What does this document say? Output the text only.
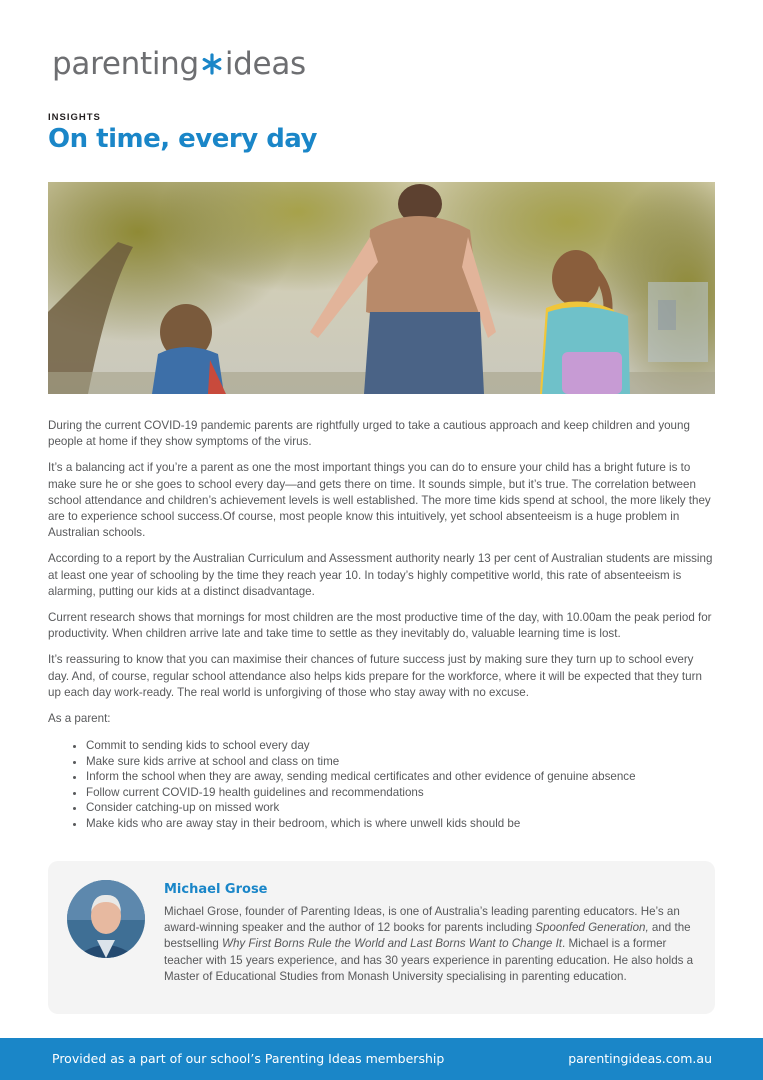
parenting ideas
INSIGHTS
On time, every day

During the current COVID-19 pandemic parents are rightfully urged to take a cautious approach and keep children and young people at home if they show symptoms of the virus.

It’s a balancing act if you’re a parent as one the most important things you can do to ensure your child has a bright future is to make sure he or she goes to school every day—and gets there on time. It sounds simple, but it’s true. The correlation between school attendance and children’s achievement levels is well established. The more time kids spend at school, the more likely they are to experience school success.Of course, most people know this intuitively, yet school absenteeism is a huge problem in Australian schools.

According to a report by the Australian Curriculum and Assessment authority nearly 13 per cent of Australian students are missing at least one year of schooling by the time they reach year 10. In today’s highly competitive world, this rate of absenteeism is alarming, putting our kids at a distinct disadvantage.

Current research shows that mornings for most children are the most productive time of the day, with 10.00am the peak period for productivity. When children arrive late and take time to settle as they inevitably do, valuable learning time is lost.

It’s reassuring to know that you can maximise their chances of future success just by making sure they turn up to school every day. And, of course, regular school attendance also helps kids prepare for the workforce, where it will be expected that they turn up each day work-ready. The real world is unforgiving of those who stay away with no excuse.

As a parent:

• Commit to sending kids to school every day
• Make sure kids arrive at school and class on time
• Inform the school when they are away, sending medical certificates and other evidence of genuine absence
• Follow current COVID-19 health guidelines and recommendations
• Consider catching-up on missed work
• Make kids who are away stay in their bedroom, which is where unwell kids should be
Michael Grose

Michael Grose, founder of Parenting Ideas, is one of Australia’s leading parenting educators. He’s an award-winning speaker and the author of 12 books for parents including Spoonfed Generation, and the bestselling Why First Borns Rule the World and Last Borns Want to Change It. Michael is a former teacher with 15 years experience, and has 30 years experience in parenting education. He also holds a Master of Educational Studies from Monash University specialising in parenting education.

Provided as a part of our school’s Parenting Ideas membership	parentingideas.com.au
